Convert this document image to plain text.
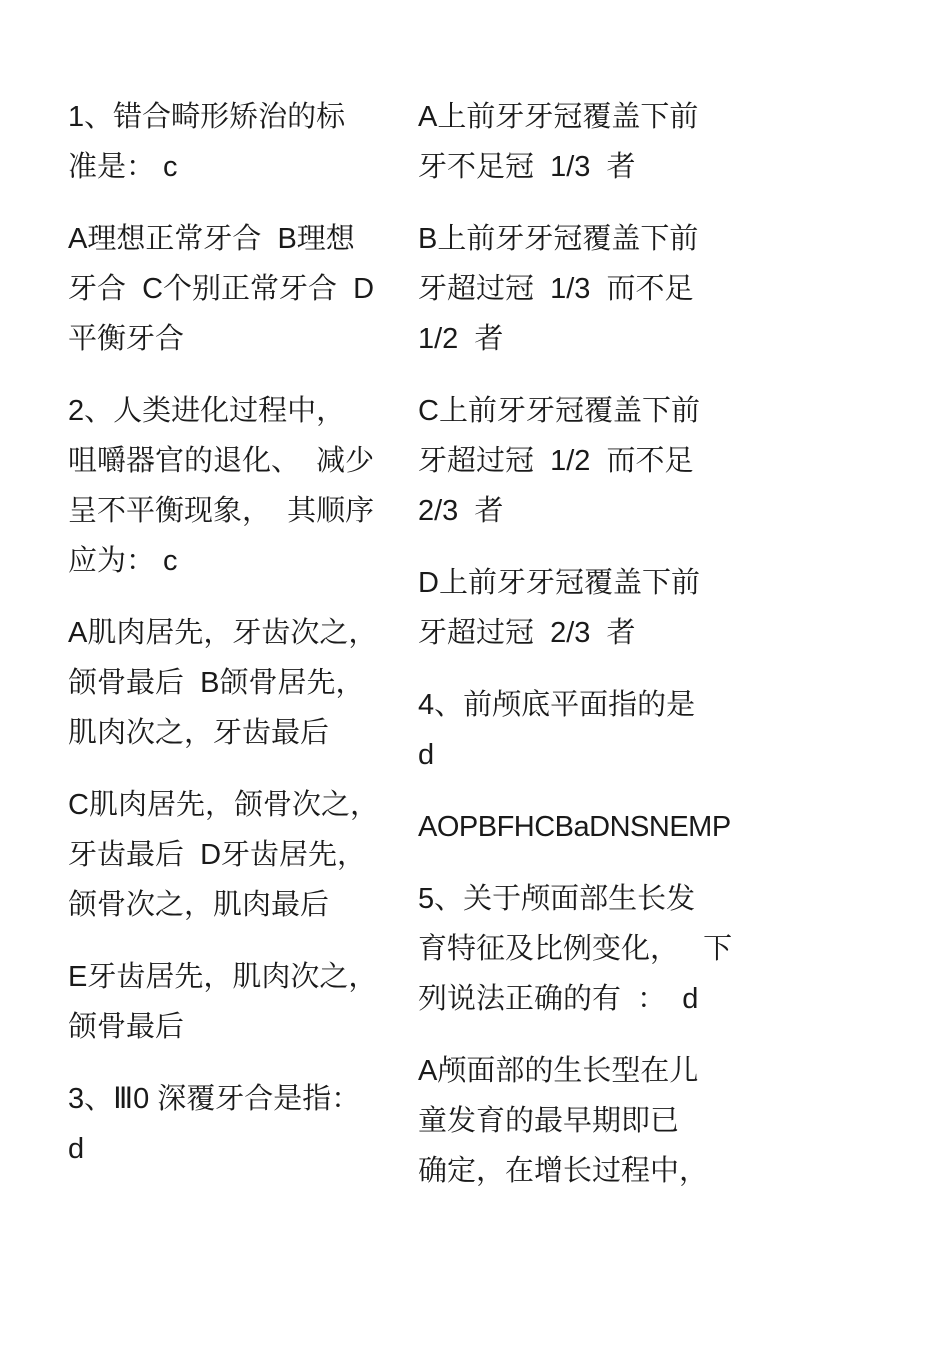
1、错合畸形矫治的标
准是： c
A理想正常牙合  B理想
牙合  C个别正常牙合  D
平衡牙合
2、人类进化过程中，
咀嚼器官的退化、  减少
呈不平衡现象，  其顺序
应为： c
A肌肉居先，牙齿次之，
颌骨最后  B颌骨居先，
肌肉次之，牙齿最后
C肌肉居先，颌骨次之，
牙齿最后  D牙齿居先，
颌骨次之，肌肉最后
E牙齿居先，肌肉次之，
颌骨最后
3、Ⅲ0 深覆牙合是指：
d
A上前牙牙冠覆盖下前
牙不足冠  1/3  者
B上前牙牙冠覆盖下前
牙超过冠  1/3  而不足
1/2  者
C上前牙牙冠覆盖下前
牙超过冠  1/2  而不足
2/3  者
D上前牙牙冠覆盖下前
牙超过冠  2/3  者
4、前颅底平面指的是
d
AOPBFHCBaDNSNEMP
5、关于颅面部生长发
育特征及比例变化，   下
列说法正确的有  ：  d
A颅面部的生长型在儿
童发育的最早期即已
确定，在增长过程中，
